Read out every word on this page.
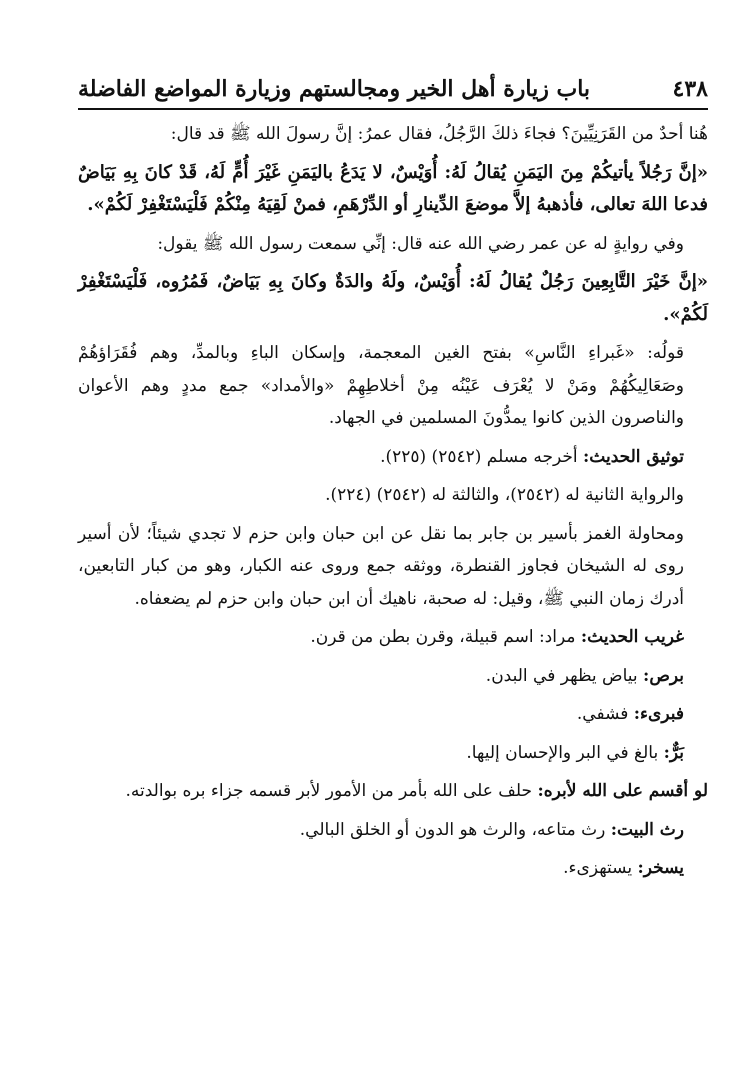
٤٣٨
باب زيارة أهل الخير ومجالستهم وزيارة المواضع الفاضلة

هُنا أحدٌ من القَرَنِيِّينَ؟ فجاءَ ذلكَ الرَّجُلُ، فقال عمرُ: إنَّ رسولَ الله ﷺ قد قال:

«إنَّ رَجُلاً يأتيكُمْ مِنَ اليَمَنِ يُقالُ لَهُ: أُوَيْسٌ، لا يَدَعُ باليَمَنِ غَيْرَ أُمٍّ لَهُ، قَدْ كانَ بِهِ بَيَاضٌ فدعا اللهَ تعالى، فأذهبهُ إلاَّ موضعَ الدِّينارِ أو الدِّرْهَمِ، فمنْ لَقِيَهُ مِنْكُمْ فَلْيَسْتَغْفِرْ لَكُمْ».

وفي روايةٍ له عن عمر رضي الله عنه قال: إنِّي سمعت رسول الله ﷺ يقول:

«إنَّ خَيْرَ التَّابِعِينَ رَجُلٌ يُقالُ لَهُ: أُوَيْسٌ، ولَهُ والدَةٌ وكانَ بِهِ بَيَاضٌ، فَمُرُوه، فَلْيَسْتَغْفِرْ لَكُمْ».

قولُه: «غَبراءِ النَّاسِ» بفتح الغين المعجمة، وإسكان الباءِ وبالمدِّ، وهم فُقَرَاؤهُمْ وصَعَالِيكُهُمْ ومَنْ لا يُعْرَف عَيْنُه مِنْ أخلاطِهِمْ «والأمداد» جمع مددٍ وهم الأعوان والناصرون الذين كانوا يمدُّونَ المسلمين في الجهاد.

توثيق الحديث: أخرجه مسلم (٢٥٤٢) (٢٢٥).

والرواية الثانية له (٢٥٤٢)، والثالثة له (٢٥٤٢) (٢٢٤).

ومحاولة الغمز بأسير بن جابر بما نقل عن ابن حبان وابن حزم لا تجدي شيئاً؛ لأن أسير روى له الشيخان فجاوز القنطرة، ووثقه جمع وروى عنه الكبار، وهو من كبار التابعين، أدرك زمان النبي ﷺ، وقيل: له صحبة، ناهيك أن ابن حبان وابن حزم لم يضعفاه.

غريب الحديث: مراد: اسم قبيلة، وقرن بطن من قرن.

برص: بياض يظهر في البدن.

فبرىء: فشفي.

بَرٌّ: بالغ في البر والإحسان إليها.

لو أقسم على الله لأبره: حلف على الله بأمر من الأمور لأبر قسمه جزاء بره بوالدته.

رث البيت: رث متاعه، والرث هو الدون أو الخلق البالي.

يسخر: يستهزىء.
